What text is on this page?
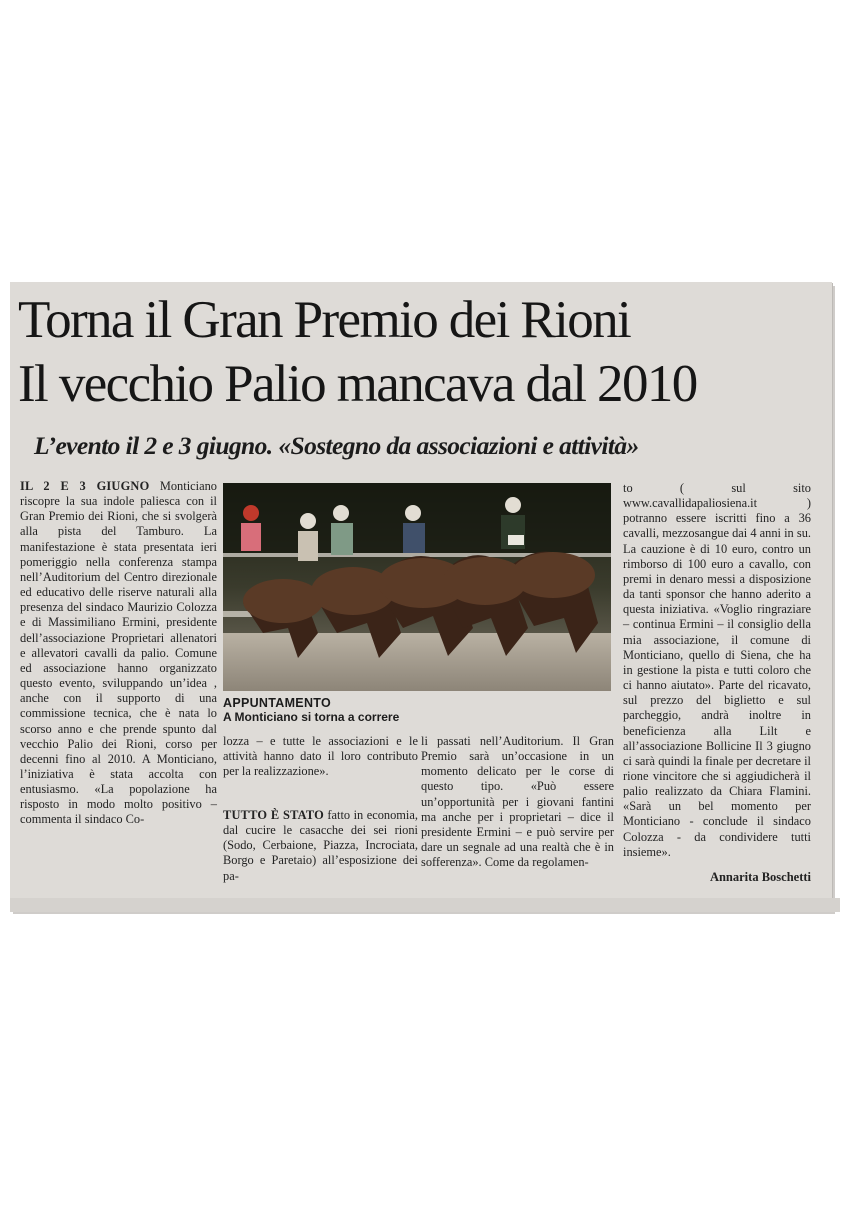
Torna il Gran Premio dei Rioni
Il vecchio Palio mancava dal 2010
L’evento il 2 e 3 giugno. «Sostegno da associazioni e attività»

IL 2 E 3 GIUGNO Monticiano riscopre la sua indole paliesca con il Gran Premio dei Rioni, che si svolgerà alla pista del Tamburo. La manifestazione è stata presentata ieri pomeriggio nella conferenza stampa nell’Auditorium del Centro direzionale ed educativo delle riserve naturali alla presenza del sindaco Maurizio Colozza e di Massimiliano Ermini, presidente dell’associazione Proprietari allenatori e allevatori cavalli da palio. Comune ed associazione hanno organizzato questo evento, sviluppando un’idea , anche con il supporto di una commissione tecnica, che è nata lo scorso anno e che prende spunto dal vecchio Palio dei Rioni, corso per decenni fino al 2010. A Monticiano, l’iniziativa è stata accolta con entusiasmo. «La popolazione ha risposto in modo molto positivo – commenta il sindaco Co-

APPUNTAMENTO
A Monticiano si torna a correre

lozza – e tutte le associazioni e le attività hanno dato il loro contributo per la realizzazione».

TUTTO È STATO fatto in economia, dal cucire le casacche dei sei rioni (Sodo, Cerbaione, Piazza, Incrociata, Borgo e Paretaio) all’esposizione dei pa-

li passati nell’Auditorium. Il Gran Premio sarà un’occasione in un momento delicato per le corse di questo tipo. «Può essere un’opportunità per i giovani fantini ma anche per i proprietari – dice il presidente Ermini – e può servire per dare un segnale ad una realtà che è in sofferenza». Come da regolamen-

to ( sul sito www.cavallidapaliosiena.it ) potranno essere iscritti fino a 36 cavalli, mezzosangue dai 4 anni in su. La cauzione è di 10 euro, contro un rimborso di 100 euro a cavallo, con premi in denaro messi a disposizione da tanti sponsor che hanno aderito a questa iniziativa. «Voglio ringraziare – continua Ermini – il consiglio della mia associazione, il comune di Monticiano, quello di Siena, che ha in gestione la pista e tutti coloro che ci hanno aiutato». Parte del ricavato, sul prezzo del biglietto e sul parcheggio, andrà inoltre in beneficienza alla Lilt e all’associazione Bollicine Il 3 giugno ci sarà quindi la finale per decretare il rione vincitore che si aggiudicherà il palio realizzato da Chiara Flamini. «Sarà un bel momento per Monticiano - conclude il sindaco Colozza - da condividere tutti insieme».

Annarita Boschetti
